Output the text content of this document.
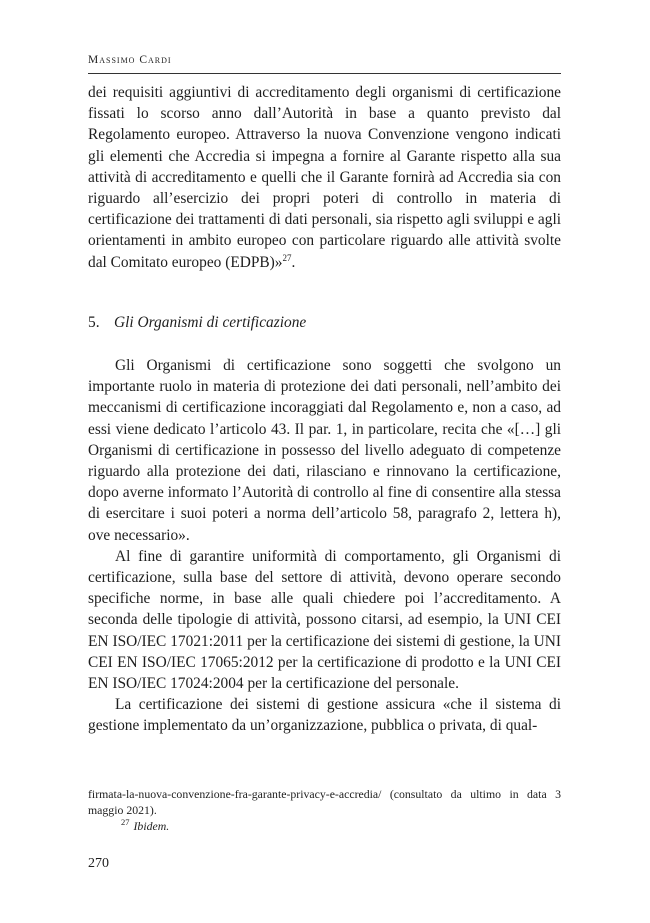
Massimo Cardi

dei requisiti aggiuntivi di accreditamento degli organismi di certificazione fissati lo scorso anno dall’Autorità in base a quanto previsto dal Regolamento europeo. Attraverso la nuova Convenzione vengono indicati gli elementi che Accredia si impegna a fornire al Garante rispetto alla sua attività di accreditamento e quelli che il Garante fornirà ad Accredia sia con riguardo all’esercizio dei propri poteri di controllo in materia di certificazione dei trattamenti di dati personali, sia rispetto agli sviluppi e agli orientamenti in ambito europeo con particolare riguardo alle attività svolte dal Comitato europeo (EDPB)»$^{27}$.

5. Gli Organismi di certificazione

Gli Organismi di certificazione sono soggetti che svolgono un importante ruolo in materia di protezione dei dati personali, nell’ambito dei meccanismi di certificazione incoraggiati dal Regolamento e, non a caso, ad essi viene dedicato l’articolo 43. Il par. 1, in particolare, recita che «[…] gli Organismi di certificazione in possesso del livello adeguato di competenze riguardo alla protezione dei dati, rilasciano e rinnovano la certificazione, dopo averne informato l’Autorità di controllo al fine di consentire alla stessa di esercitare i suoi poteri a norma dell’articolo 58, paragrafo 2, lettera h), ove necessario».

Al fine di garantire uniformità di comportamento, gli Organismi di certificazione, sulla base del settore di attività, devono operare secondo specifiche norme, in base alle quali chiedere poi l’accreditamento. A seconda delle tipologie di attività, possono citarsi, ad esempio, la UNI CEI EN ISO/IEC 17021:2011 per la certificazione dei sistemi di gestione, la UNI CEI EN ISO/IEC 17065:2012 per la certificazione di prodotto e la UNI CEI EN ISO/IEC 17024:2004 per la certificazione del personale.

La certificazione dei sistemi di gestione assicura «che il sistema di gestione implementato da un’organizzazione, pubblica o privata, di qual-

firmata-la-nuova-convenzione-fra-garante-privacy-e-accredia/ (consultato da ultimo in data 3 maggio 2021).

$^{27}$ Ibidem.

270
